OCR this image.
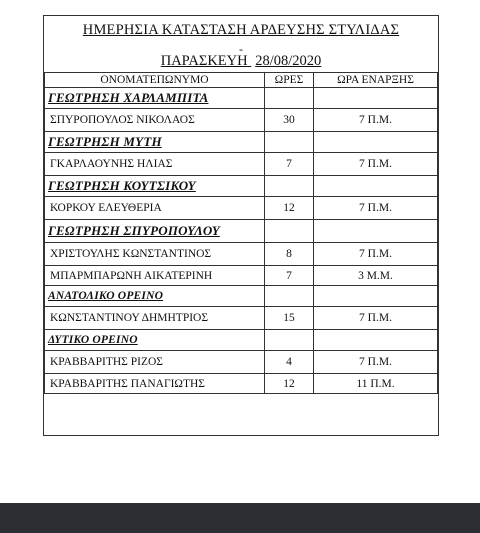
ΗΜΕΡΗΣΙΑ ΚΑΤΑΣΤΑΣΗ ΑΡΔΕΥΣΗΣ ΣΤΥΛΙΔΑΣ
-
ΠΑΡΑΣΚΕΥΗ 28/08/2020
ΟΝΟΜΑΤΕΠΩΝΥΜΟ	ΩΡΕΣ	ΩΡΑ ΕΝΑΡΞΗΣ
ΓΕΩΤΡΗΣΗ ΧΑΡΛΑΜΠΙΤΑ		
ΣΠΥΡΟΠΟΥΛΟΣ ΝΙΚΟΛΑΟΣ	30	7 Π.Μ.
ΓΕΩΤΡΗΣΗ ΜΥΤΗ		
ΓΚΑΡΛΑΟΥΝΗΣ ΗΛΙΑΣ	7	7 Π.Μ.
ΓΕΩΤΡΗΣΗ ΚΟΥΤΣΙΚΟΥ		
ΚΟΡΚΟΥ ΕΛΕΥΘΕΡΙΑ	12	7 Π.Μ.
ΓΕΩΤΡΗΣΗ ΣΠΥΡΟΠΟΥΛΟΥ		
ΧΡΙΣΤΟΥΛΗΣ ΚΩΝΣΤΑΝΤΙΝΟΣ	8	7 Π.Μ.
ΜΠΑΡΜΠΑΡΩΝΗ ΑΙΚΑΤΕΡΙΝΗ	7	3 Μ.Μ.
ΑΝΑΤΟΛΙΚΟ ΟΡΕΙΝΟ		
ΚΩΝΣΤΑΝΤΙΝΟΥ ΔΗΜΗΤΡΙΟΣ	15	7 Π.Μ.
ΔΥΤΙΚΟ ΟΡΕΙΝΟ		
ΚΡΑΒΒΑΡΙΤΗΣ ΡΙΖΟΣ	4	7 Π.Μ.
ΚΡΑΒΒΑΡΙΤΗΣ ΠΑΝΑΓΙΩΤΗΣ	12	11 Π.Μ.
